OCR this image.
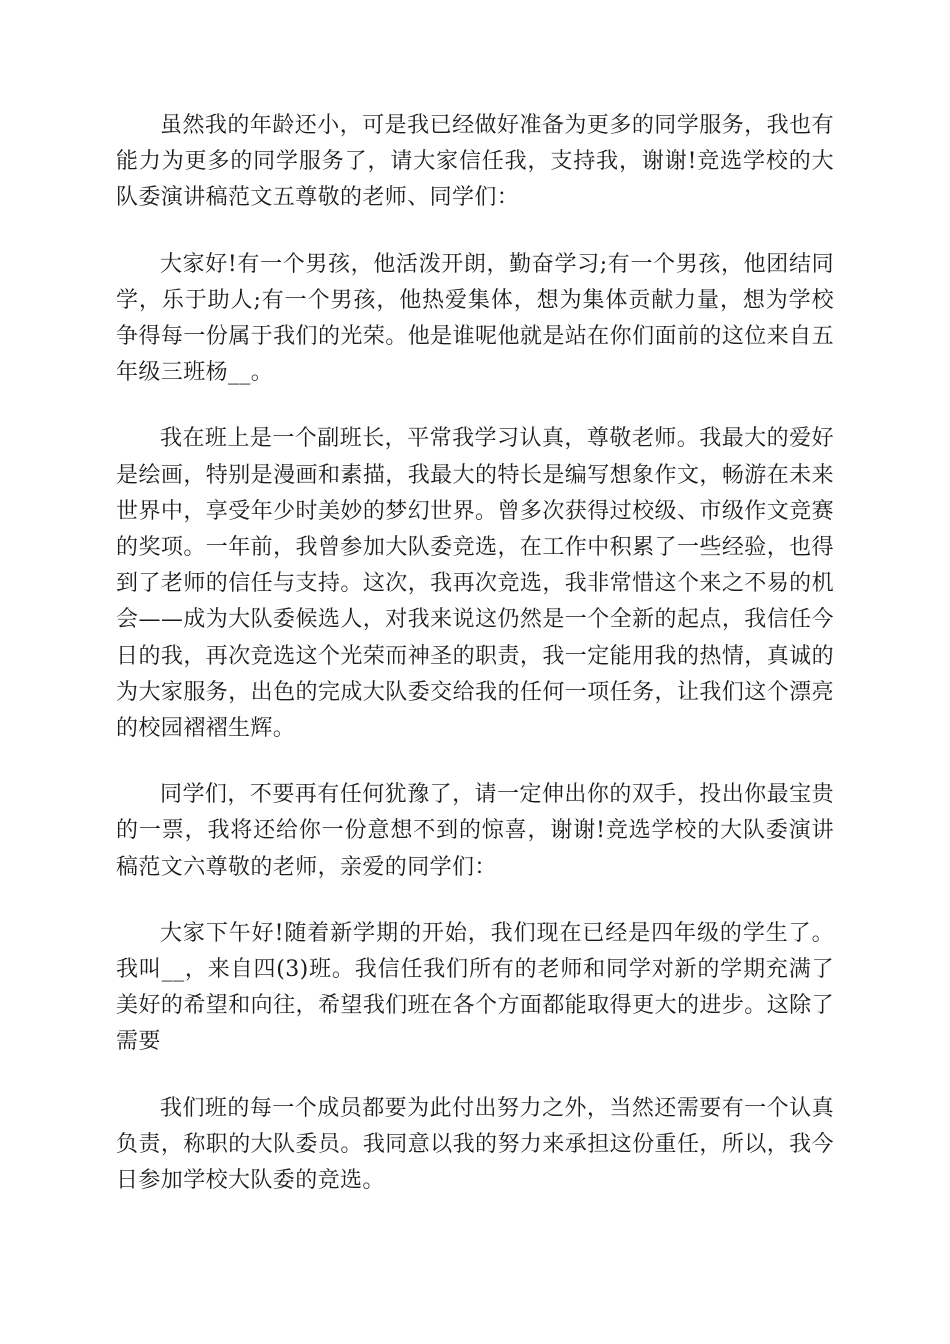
虽然我的年龄还小，可是我已经做好准备为更多的同学服务，我也有能力为更多的同学服务了，请大家信任我，支持我，谢谢!竞选学校的大队委演讲稿范文五尊敬的老师、同学们：

大家好!有一个男孩，他活泼开朗，勤奋学习;有一个男孩，他团结同学，乐于助人;有一个男孩，他热爱集体，想为集体贡献力量，想为学校争得每一份属于我们的光荣。他是谁呢他就是站在你们面前的这位来自五年级三班杨__。

我在班上是一个副班长，平常我学习认真，尊敬老师。我最大的爱好是绘画，特别是漫画和素描，我最大的特长是编写想象作文，畅游在未来世界中，享受年少时美妙的梦幻世界。曾多次获得过校级、市级作文竞赛的奖项。一年前，我曾参加大队委竞选，在工作中积累了一些经验，也得到了老师的信任与支持。这次，我再次竞选，我非常惜这个来之不易的机会——成为大队委候选人，对我来说这仍然是一个全新的起点，我信任今日的我，再次竞选这个光荣而神圣的职责，我一定能用我的热情，真诚的为大家服务，出色的完成大队委交给我的任何一项任务，让我们这个漂亮的校园褶褶生辉。

同学们，不要再有任何犹豫了，请一定伸出你的双手，投出你最宝贵的一票，我将还给你一份意想不到的惊喜，谢谢!竞选学校的大队委演讲稿范文六尊敬的老师，亲爱的同学们：

大家下午好!随着新学期的开始，我们现在已经是四年级的学生了。我叫__，来自四(3)班。我信任我们所有的老师和同学对新的学期充满了美好的希望和向往，希望我们班在各个方面都能取得更大的进步。这除了需要

我们班的每一个成员都要为此付出努力之外，当然还需要有一个认真负责，称职的大队委员。我同意以我的努力来承担这份重任，所以，我今日参加学校大队委的竞选。
